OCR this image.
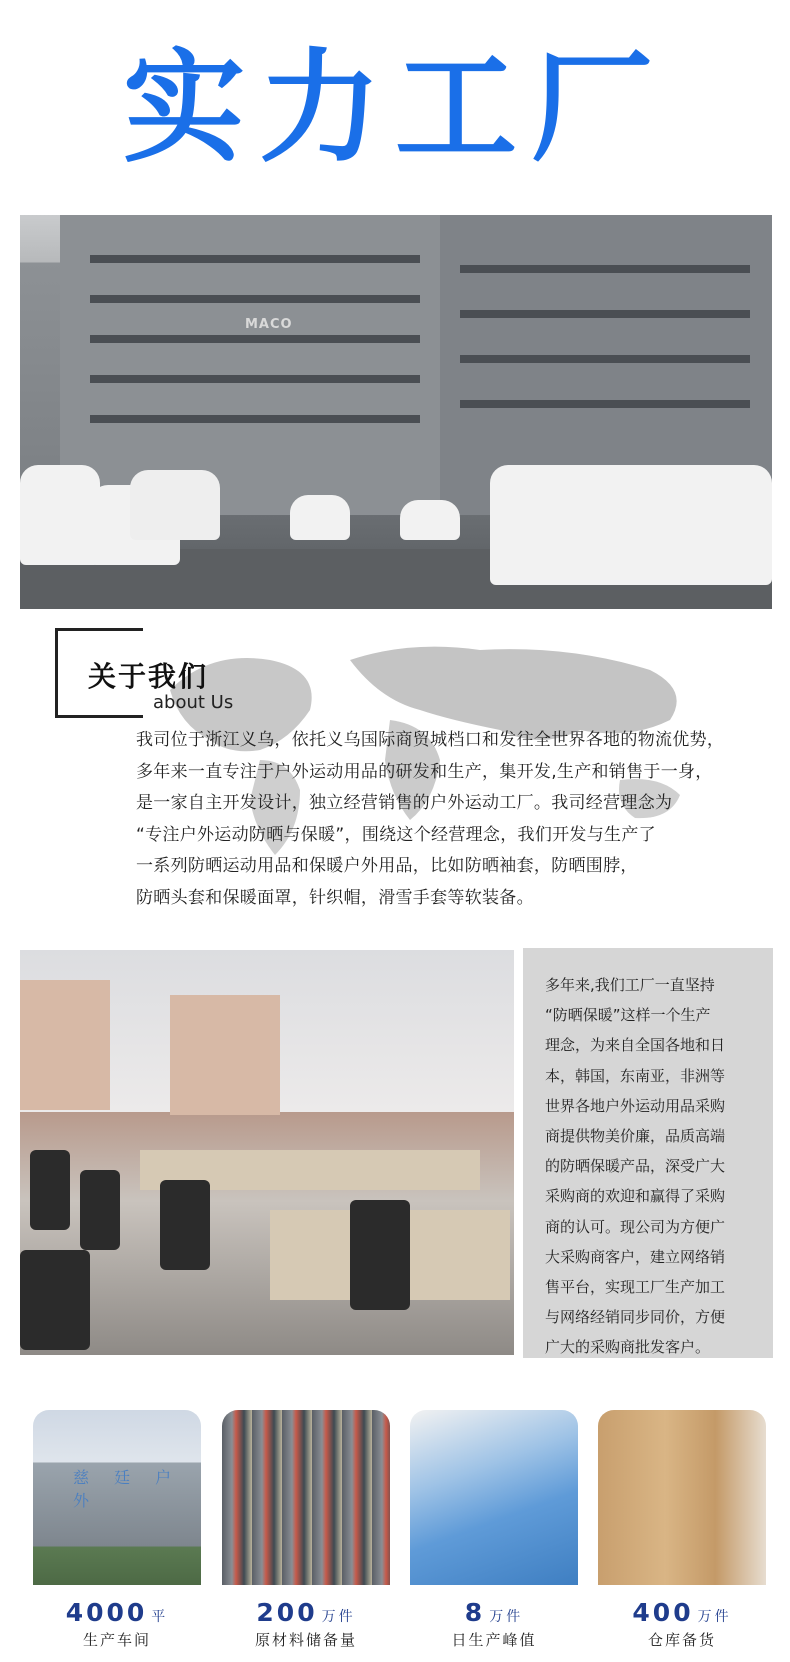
实力工厂
MACO
关于我们
about Us

我司位于浙江义乌，依托义乌国际商贸城档口和发往全世界各地的物流优势，

多年来一直专注于户外运动用品的研发和生产，集开发,生产和销售于一身，

是一家自主开发设计，独立经营销售的户外运动工厂。我司经营理念为

“专注户外运动防晒与保暖”，围绕这个经营理念，我们开发与生产了

一系列防晒运动用品和保暖户外用品，比如防晒袖套，防晒围脖，

防晒头套和保暖面罩，针织帽，滑雪手套等软装备。

多年来,我们工厂一直坚持

“防晒保暖”这样一个生产

理念，为来自全国各地和日

本，韩国，东南亚，非洲等

世界各地户外运动用品采购

商提供物美价廉，品质高端

的防晒保暖产品，深受广大

采购商的欢迎和赢得了采购

商的认可。现公司为方便广

大采购商客户，建立网络销

售平台，实现工厂生产加工

与网络经销同步同价，方便

广大的采购商批发客户。

慈 廷 户 外
4000 平
生产车间
200 万件
原材料储备量
8 万件
日生产峰值
400 万件
仓库备货
